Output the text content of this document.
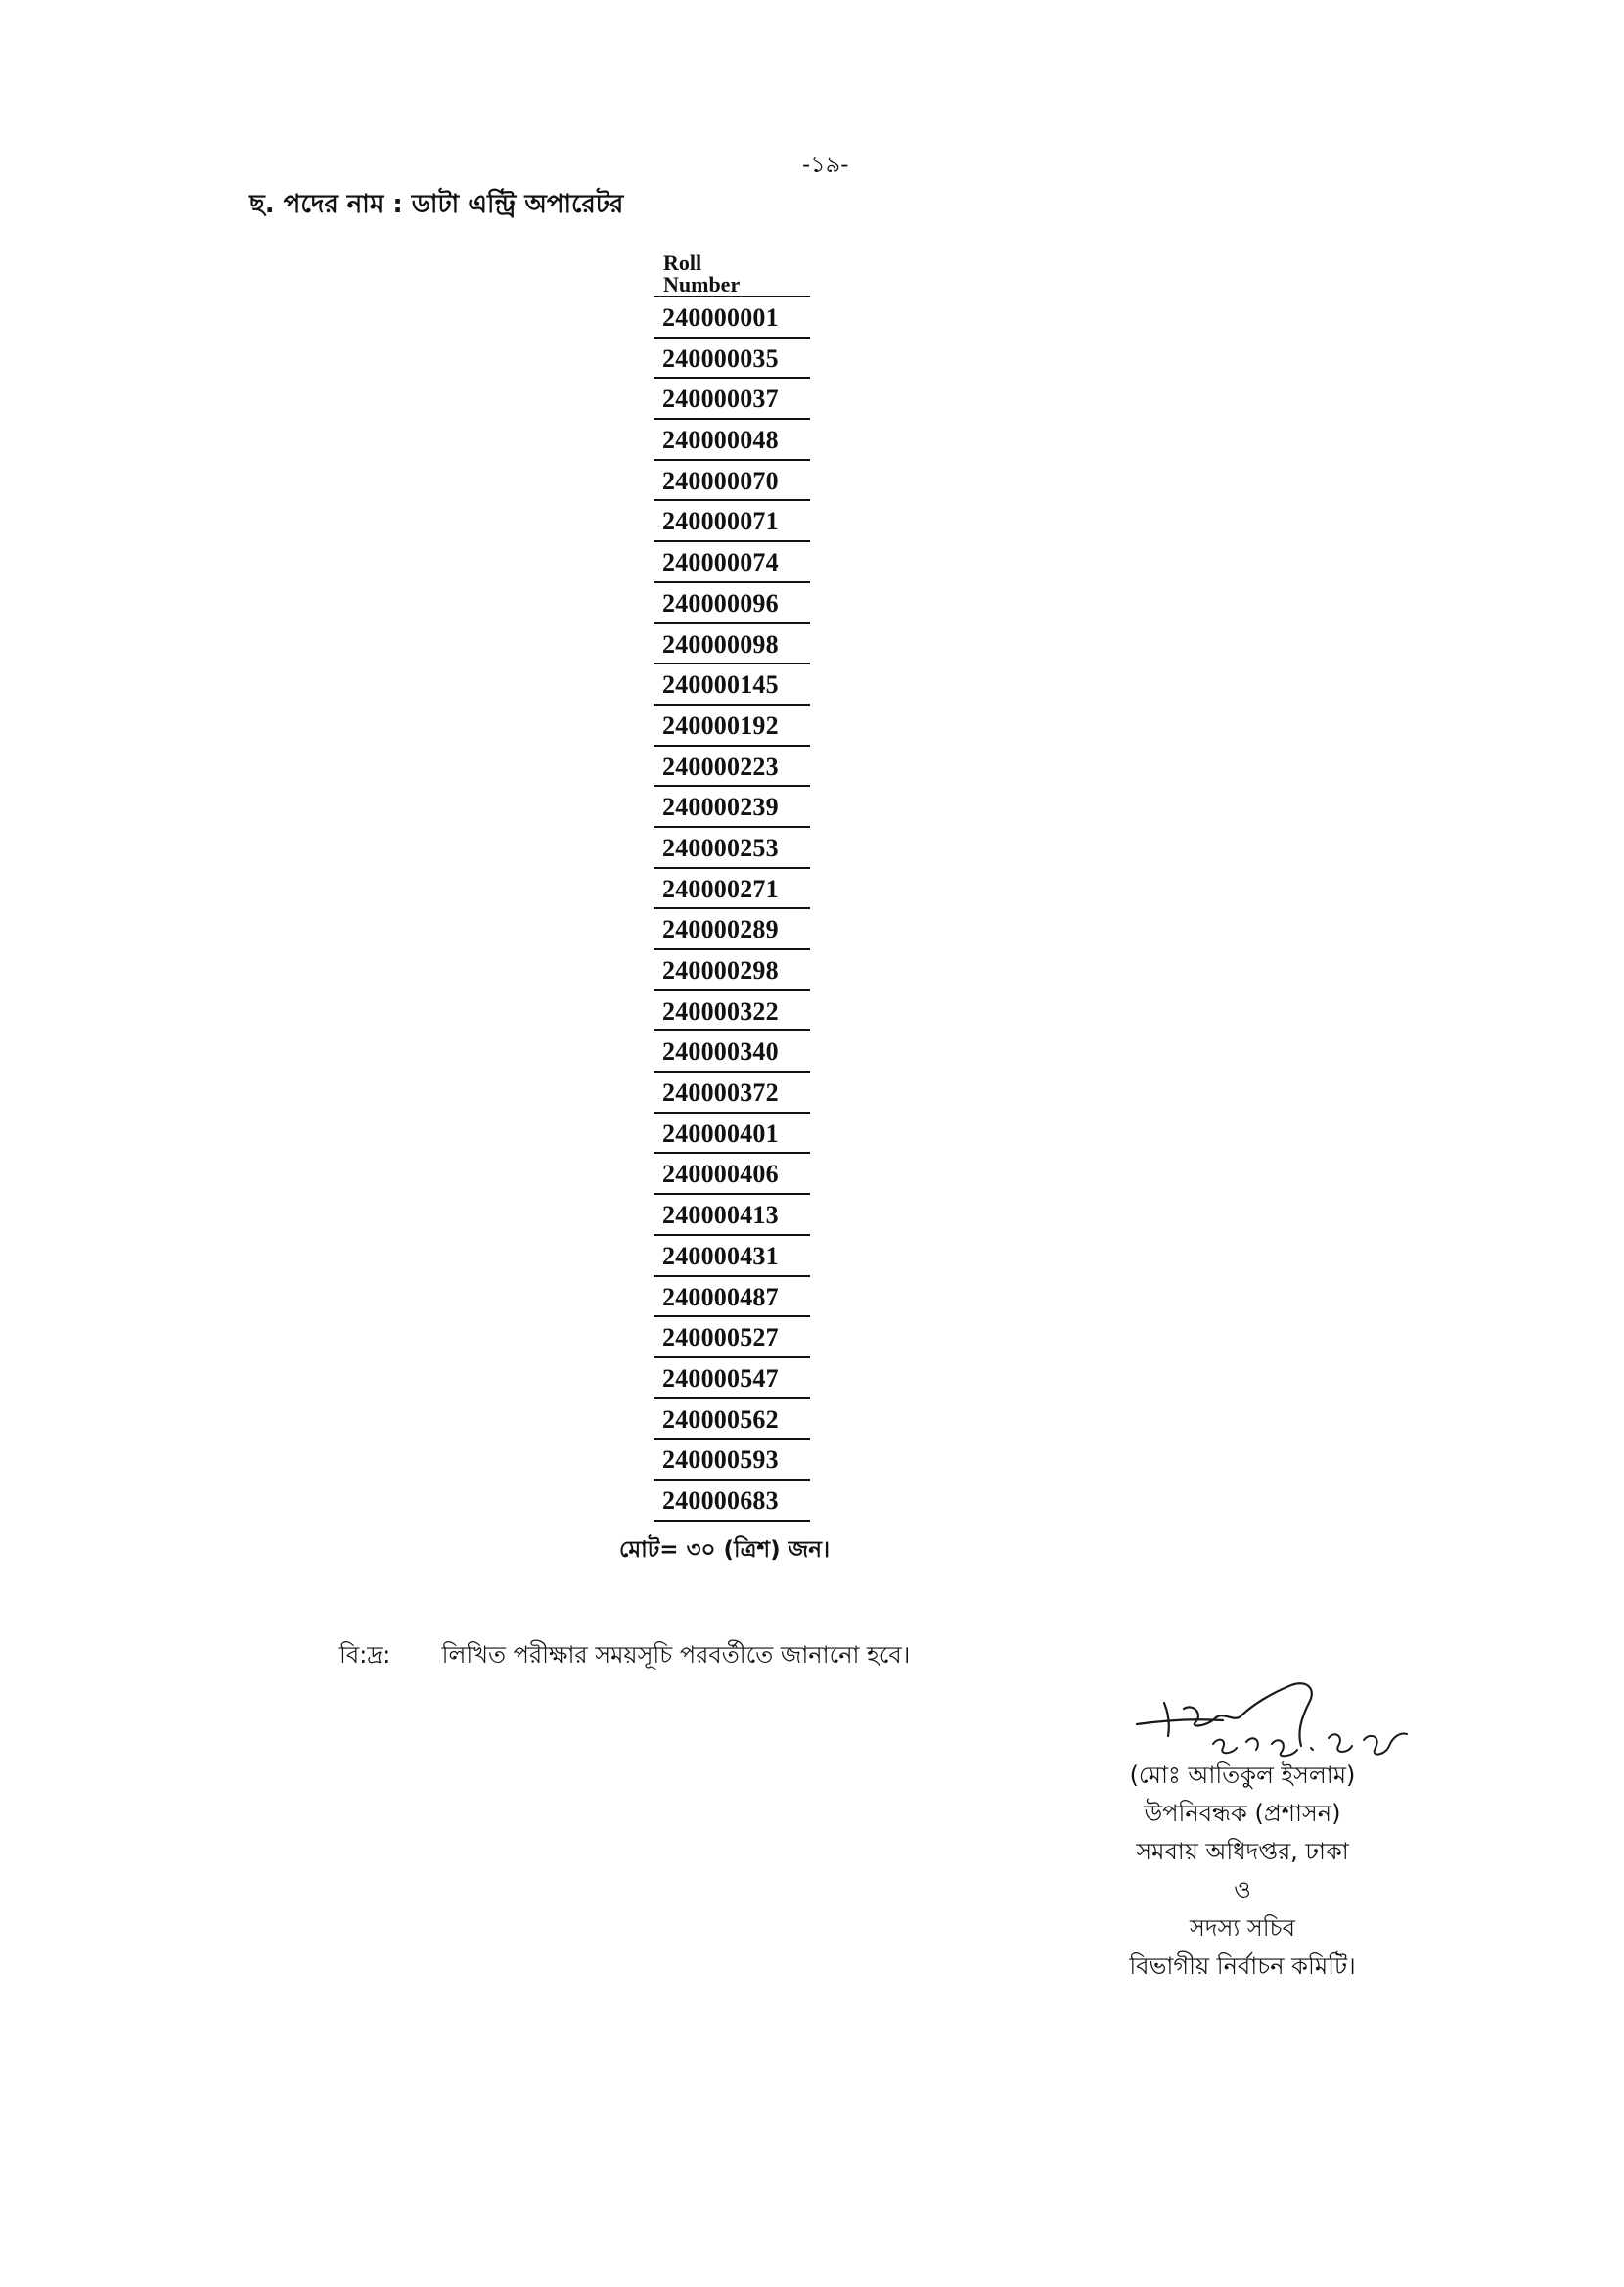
-১৯-
ছ. পদের নাম : ডাটা এন্ট্রি অপারেটর
Roll
Number
240000001
240000035
240000037
240000048
240000070
240000071
240000074
240000096
240000098
240000145
240000192
240000223
240000239
240000253
240000271
240000289
240000298
240000322
240000340
240000372
240000401
240000406
240000413
240000431
240000487
240000527
240000547
240000562
240000593
240000683
মোট= ৩০ (ত্রিশ) জন।
বি:দ্র: লিখিত পরীক্ষার সময়সূচি পরবর্তীতে জানানো হবে।
(মোঃ আতিকুল ইসলাম)
উপনিবন্ধক (প্রশাসন)
সমবায় অধিদপ্তর, ঢাকা
ও
সদস্য সচিব
বিভাগীয় নির্বাচন কমিটি।
